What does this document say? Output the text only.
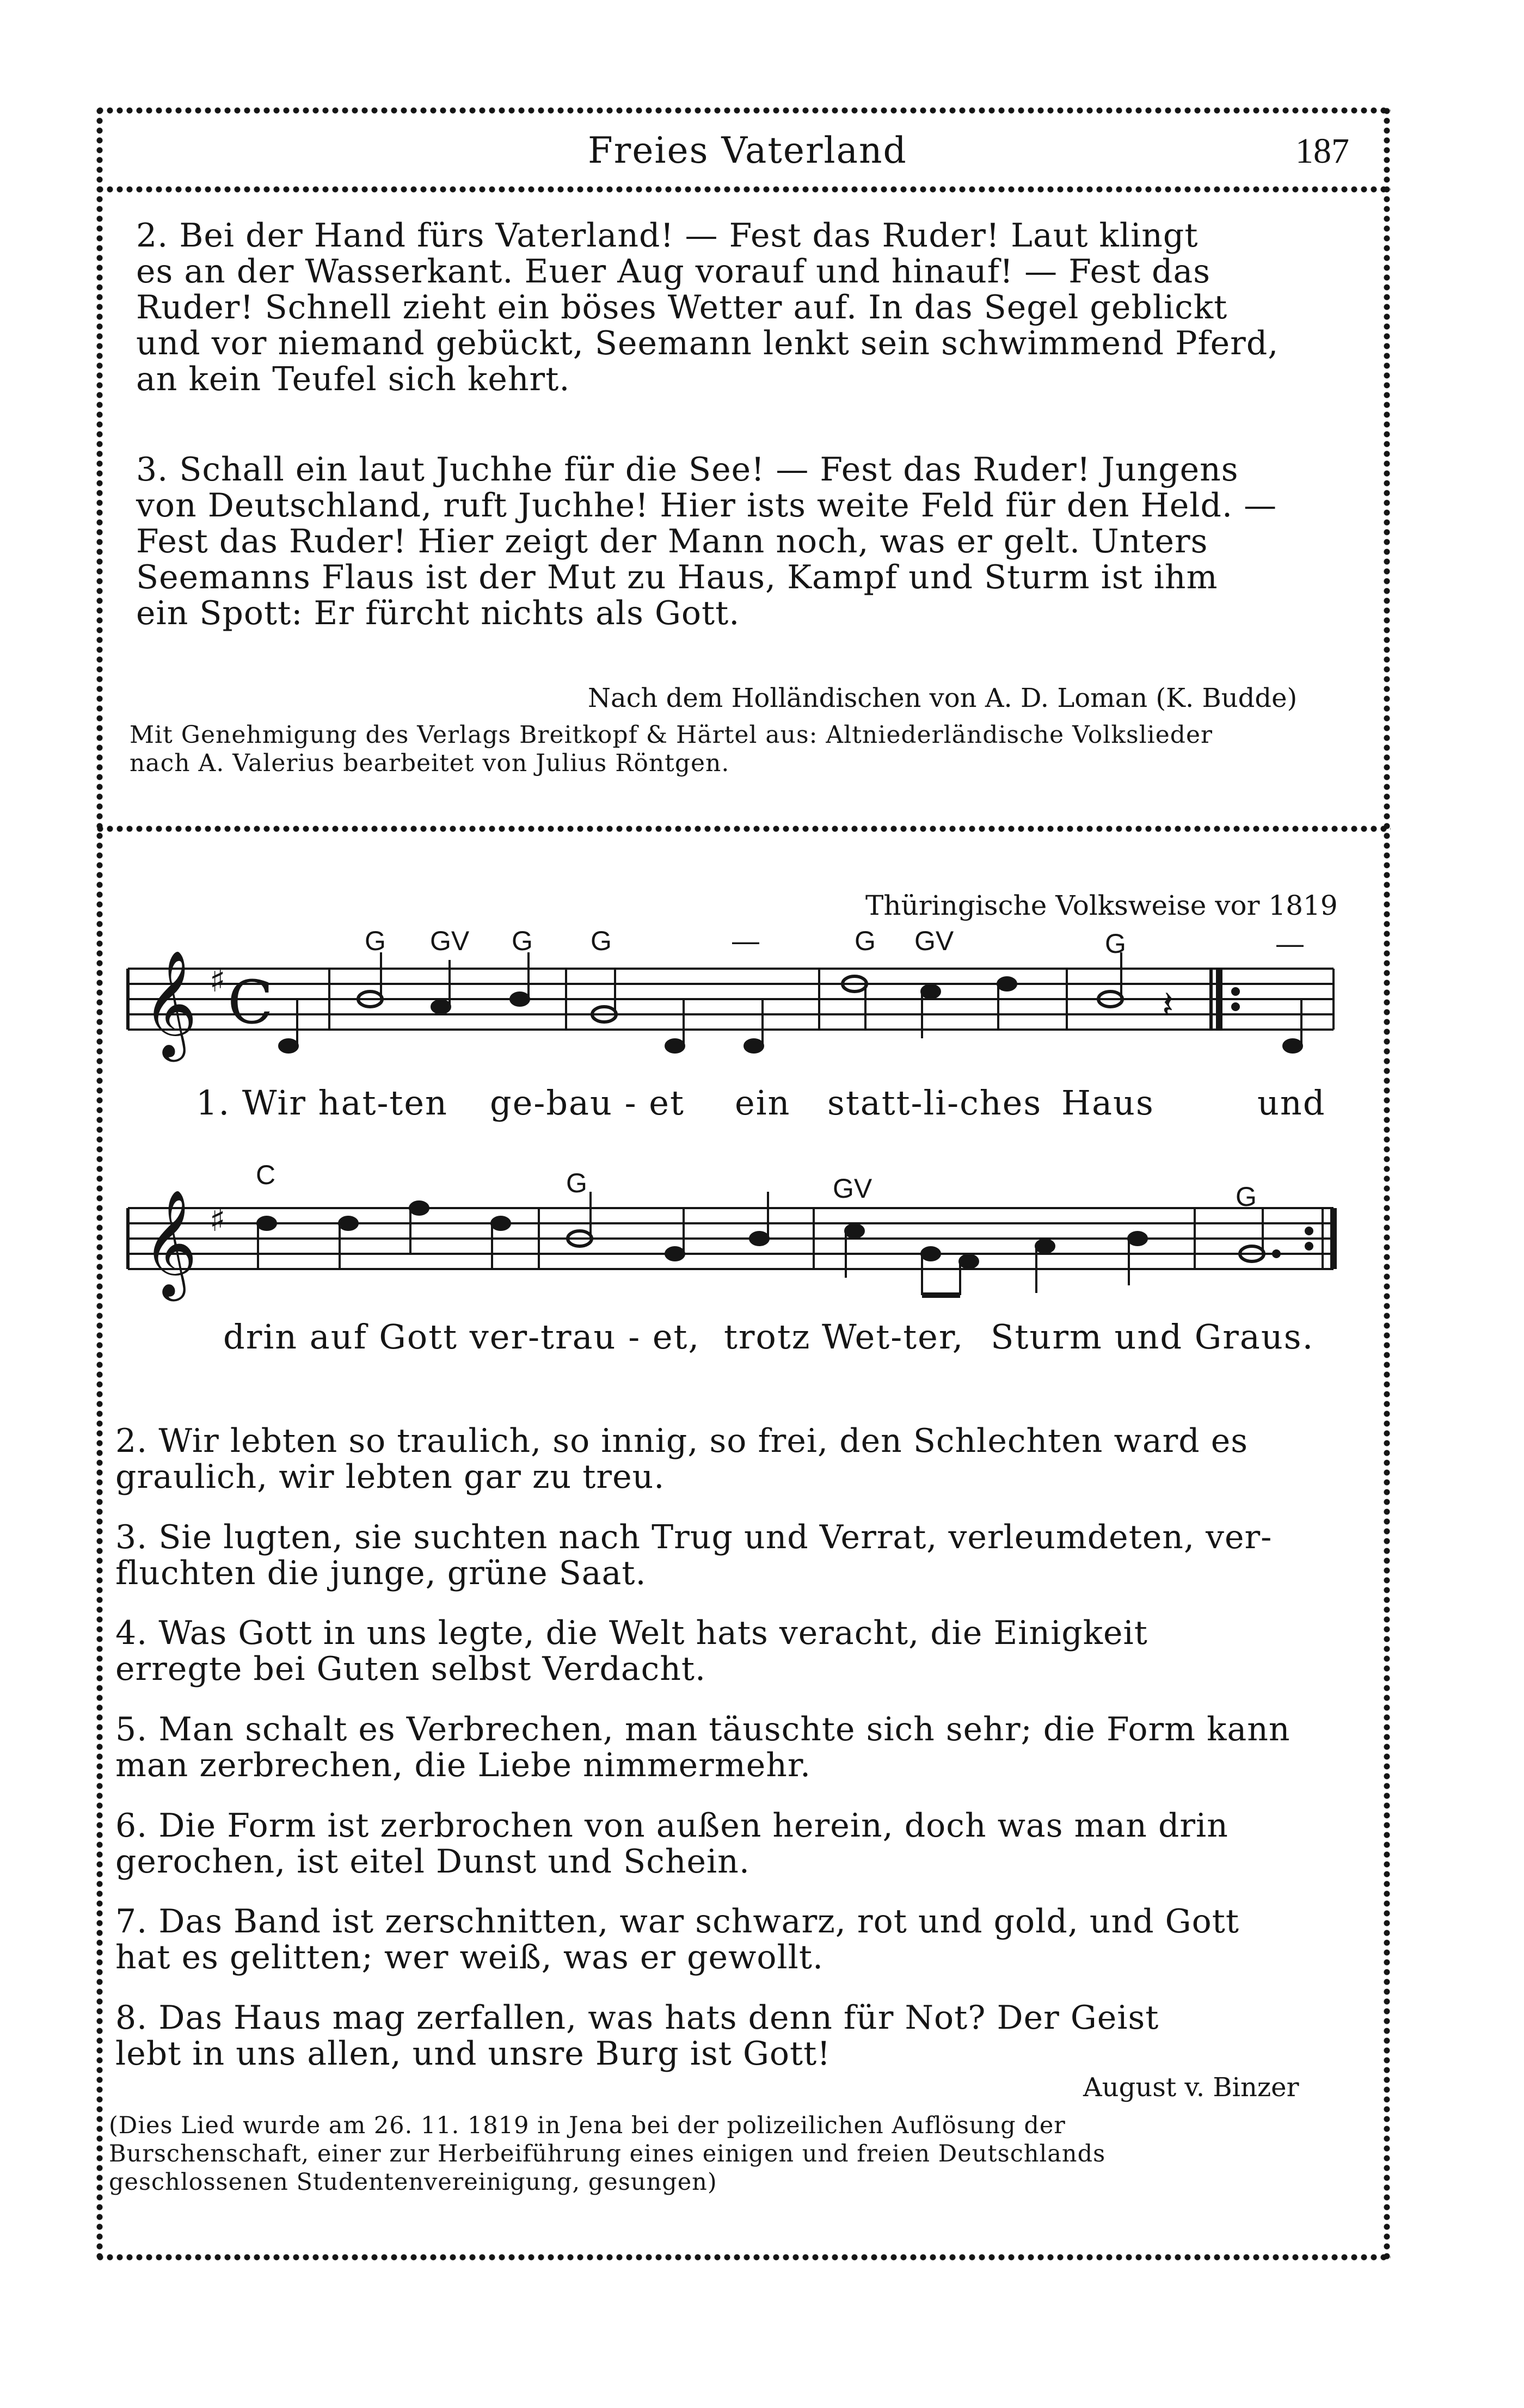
Freies Vaterland	187
2. Bei der Hand fürs Vaterland! — Fest das Ruder! Laut klingt
es an der Wasserkant. Euer Aug vorauf und hinauf! — Fest das
Ruder! Schnell zieht ein böses Wetter auf. In das Segel geblickt
und vor niemand gebückt, Seemann lenkt sein schwimmend Pferd,
an kein Teufel sich kehrt.
3. Schall ein laut Juchhe für die See! — Fest das Ruder! Jungens
von Deutschland, ruft Juchhe! Hier ists weite Feld für den Held. —
Fest das Ruder! Hier zeigt der Mann noch, was er gelt. Unters
Seemanns Flaus ist der Mut zu Haus, Kampf und Sturm ist ihm
ein Spott: Er fürcht nichts als Gott.
Nach dem Holländischen von A. D. Loman (K. Budde)
Mit Genehmigung des Verlags Breitkopf & Härtel aus: Altniederländische Volkslieder
nach A. Valerius bearbeitet von Julius Röntgen.
Thüringische Volksweise vor 1819
𝄞 ♯ C	𝄽
G GV G G	—	G GV	G	—
1. Wir hat-ten ge-bau - et ein statt-li-ches Haus	und
𝄞 ♯
C	G	GV	G
drin auf Gott ver-trau - et, trotz Wet-ter, Sturm und Graus.
2. Wir lebten so traulich, so innig, so frei, den Schlechten ward es
graulich, wir lebten gar zu treu.
3. Sie lugten, sie suchten nach Trug und Verrat, verleumdeten, ver-
fluchten die junge, grüne Saat.
4. Was Gott in uns legte, die Welt hats veracht, die Einigkeit
erregte bei Guten selbst Verdacht.
5. Man schalt es Verbrechen, man täuschte sich sehr; die Form kann
man zerbrechen, die Liebe nimmermehr.
6. Die Form ist zerbrochen von außen herein, doch was man drin
gerochen, ist eitel Dunst und Schein.
7. Das Band ist zerschnitten, war schwarz, rot und gold, und Gott
hat es gelitten; wer weiß, was er gewollt.
8. Das Haus mag zerfallen, was hats denn für Not? Der Geist
lebt in uns allen, und unsre Burg ist Gott!
August v. Binzer
(Dies Lied wurde am 26. 11. 1819 in Jena bei der polizeilichen Auflösung der
Burschenschaft, einer zur Herbeiführung eines einigen und freien Deutschlands
geschlossenen Studentenvereinigung, gesungen)
